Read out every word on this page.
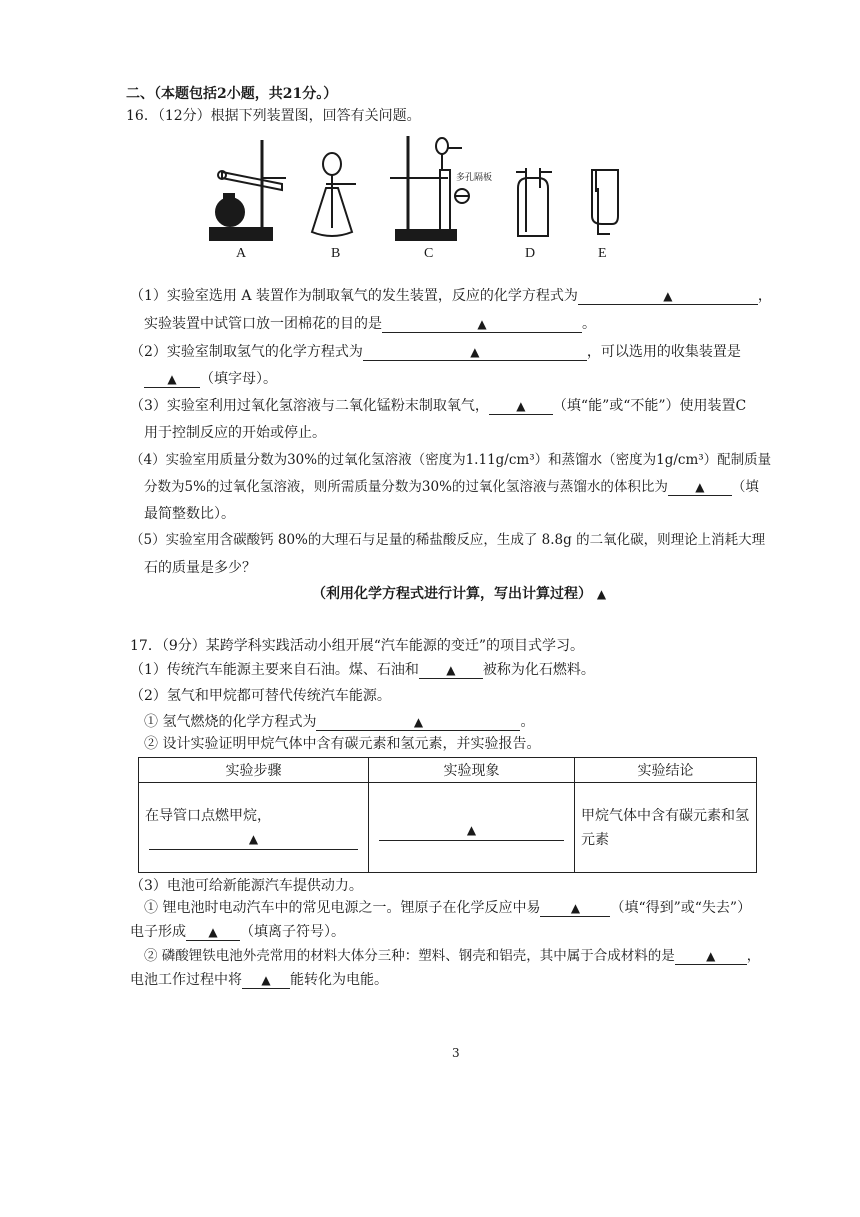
二、（本题包括2小题，共21分。）
16．（12分）根据下列装置图，回答有关问题。
多孔隔板
A	B	C	D	E
（1）实验室选用 A 装置作为制取氧气的发生装置，反应的化学方程式为	▲	，
实验装置中试管口放一团棉花的目的是	▲	。
（2）实验室制取氢气的化学方程式为	▲	，可以选用的收集装置是
▲ （填字母）。
（3）实验室利用过氧化氢溶液与二氧化锰粉末制取氧气， ▲ （填“能”或“不能”）使用装置C
用于控制反应的开始或停止。
（4）实验室用质量分数为30%的过氧化氢溶液（密度为1.11g/cm³）和蒸馏水（密度为1g/cm³）配制质量
分数为5%的过氧化氢溶液，则所需质量分数为30%的过氧化氢溶液与蒸馏水的体积比为 ▲ （填
最简整数比）。
（5）实验室用含碳酸钙 80%的大理石与足量的稀盐酸反应，生成了 8.8g 的二氧化碳，则理论上消耗大理
石的质量是多少？
（利用化学方程式进行计算，写出计算过程） ▲
17．（9分）某跨学科实践活动小组开展“汽车能源的变迁”的项目式学习。
（1）传统汽车能源主要来自石油。煤、石油和 ▲ 被称为化石燃料。
（2）氢气和甲烷都可替代传统汽车能源。
① 氢气燃烧的化学方程式为	▲	。
② 设计实验证明甲烷气体中含有碳元素和氢元素，并实验报告。
实验步骤	实验现象	实验结论

在导管口点燃甲烷，
▲	▲	甲烷气体中含有碳元素和氢元素
（3）电池可给新能源汽车提供动力。
① 锂电池时电动汽车中的常见电源之一。锂原子在化学反应中易	▲ （填“得到”或“失去”）
电子形成 ▲ （填离子符号）。
② 磷酸锂铁电池外壳常用的材料大体分三种：塑料、钢壳和铝壳，其中属于合成材料的是	▲ ，
电池工作过程中将 ▲ 能转化为电能。
3
